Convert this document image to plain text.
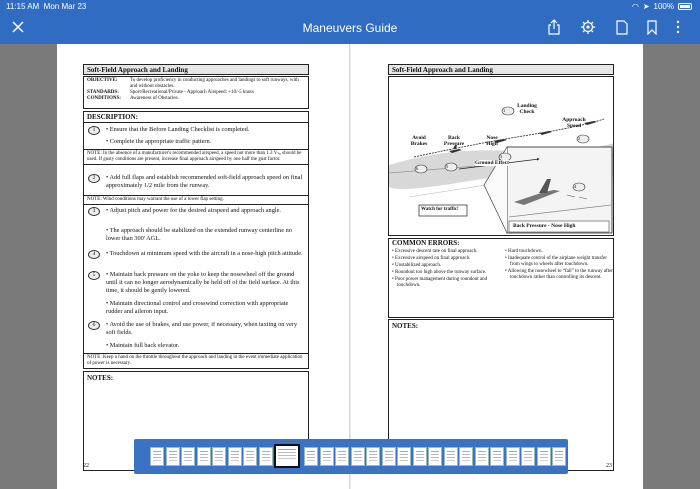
11:15 AM Mon Mar 23	◠ ➤ 100%
Maneuvers Guide
Soft-Field Approach and Landing
OBJECTIVE:	To develop proficiency in conducting approaches and landings to soft runways, with and without obstacles.
STANDARDS:	Sport/Recreational/Private - Approach Airspeed: +10/-5 knots
CONDITIONS:	Awareness of Obstacles.
DESCRIPTION:
1	• Ensure that the Before Landing Checklist is completed.
• Complete the appropriate traffic pattern.
NOTE: In the absence of a manufacturer's recommended airspeed, a speed not more than 1.3 Vₛ₀ should be used. If gusty conditions are present, increase final approach airspeed by one half the gust factor.
2	• Add full flaps and establish recommended soft-field approach speed on final approximately 1/2 mile from the runway.
NOTE: Wind conditions may warrant the use of a lower flap setting.
3	• Adjust pitch and power for the desired airspeed and approach angle.
• The approach should be stabilized on the extended runway centerline no lower than 300' AGL.
4	• Touchdown at minimum speed with the aircraft in a nose-high pitch attitude.
5	• Maintain back pressure on the yoke to keep the nosewheel off the ground until it can no longer aerodynamically be held off of the field surface. At this time, it should be gently lowered.
• Maintain directional control and crosswind correction with appropriate rudder and aileron input.
6	• Avoid the use of brakes, and use power, if necessary, when taxiing on very soft fields.
• Maintain full back elevator.
NOTE: Keep a hand on the throttle throughout the approach and landing in the event immediate application of power is necessary.
NOTES:
22
Soft-Field Approach and Landing
1
2
3
4
5
6
Landing Check
Approach Speed
Avoid Brakes
Back Pressure
Nose High
Ground Effect
Watch for traffic!
Back Pressure - Nose High
COMMON ERRORS:
• Excessive descent rate on final approach.
• Excessive airspeed on final approach.
• Unstabilized approach.
• Roundout too high above the runway surface.
• Poor power management during roundout and touchdown.
• Hard touchdown.
• Inadequate control of the airplane weight transfer from wings to wheels after touchdown.
• Allowing the nosewheel to “fall” to the runway after touchdown rather than controlling its descent.
NOTES:
23
